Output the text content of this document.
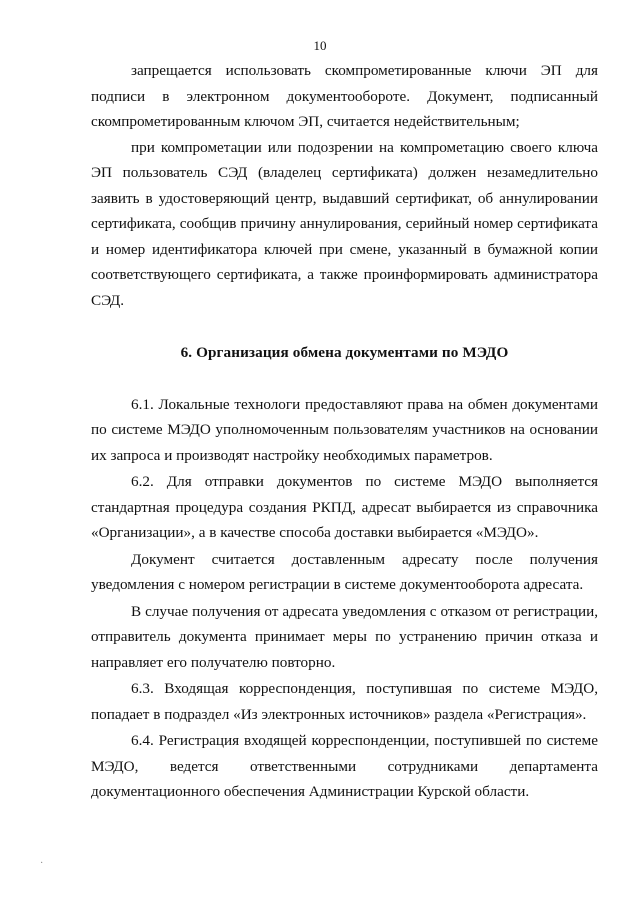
10

запрещается использовать скомпрометированные ключи ЭП для подписи в электронном документообороте. Документ, подписанный скомпрометированным ключом ЭП, считается недействительным;

при компрометации или подозрении на компрометацию своего ключа ЭП пользователь СЭД (владелец сертификата) должен незамедлительно заявить в удостоверяющий центр, выдавший сертификат, об аннулировании сертификата, сообщив причину аннулирования, серийный номер сертификата и номер идентификатора ключей при смене, указанный в бумажной копии соответствующего сертификата, а также проинформировать администратора СЭД.

6. Организация обмена документами по МЭДО

6.1. Локальные технологи предоставляют права на обмен документами по системе МЭДО уполномоченным пользователям участников на основании их запроса и производят настройку необходимых параметров.

6.2. Для отправки документов по системе МЭДО выполняется стандартная процедура создания РКПД, адресат выбирается из справочника «Организации», а в качестве способа доставки выбирается «МЭДО».

Документ считается доставленным адресату после получения уведомления с номером регистрации в системе документооборота адресата.

В случае получения от адресата уведомления с отказом от регистрации, отправитель документа принимает меры по устранению причин отказа и направляет его получателю повторно.

6.3. Входящая корреспонденция, поступившая по системе МЭДО, попадает в подраздел «Из электронных источников» раздела «Регистрация».

6.4. Регистрация входящей корреспонденции, поступившей по системе МЭДО, ведется ответственными сотрудниками департамента документационного обеспечения Администрации Курской области.

·
